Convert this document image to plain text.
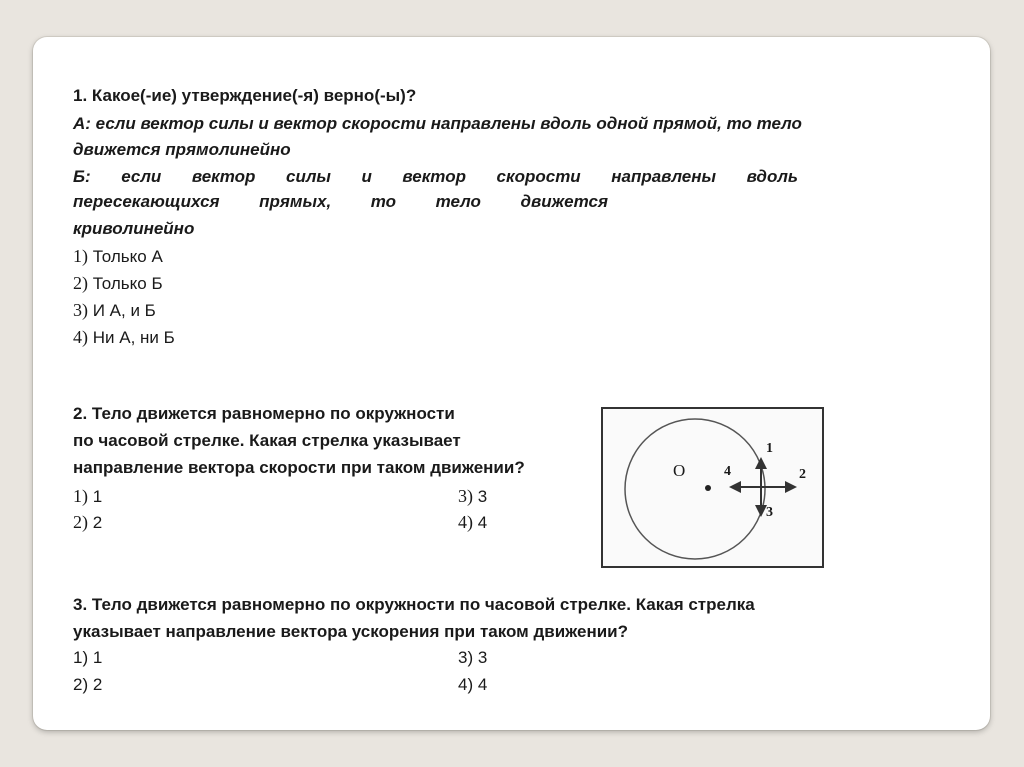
1. Какое(-ие) утверждение(-я) верно(-ы)?
А: если вектор силы и вектор скорости направлены вдоль одной прямой, то тело
движется прямолинейно
Б: если вектор силы и вектор скорости направлены вдоль
пересекающихся прямых, то тело движется
криволинейно
1) Только А
2) Только Б
3) И А, и Б
4) Ни А, ни Б
2. Тело движется равномерно по окружности
по часовой стрелке. Какая стрелка указывает
направление вектора скорости при таком движении?
1) 1
2) 2
3) 3
4) 4
O
1
2
3
4
3. Тело движется равномерно по окружности по часовой стрелке. Какая стрелка
указывает направление вектора ускорения при таком движении?
1) 1
2) 2
3) 3
4) 4
